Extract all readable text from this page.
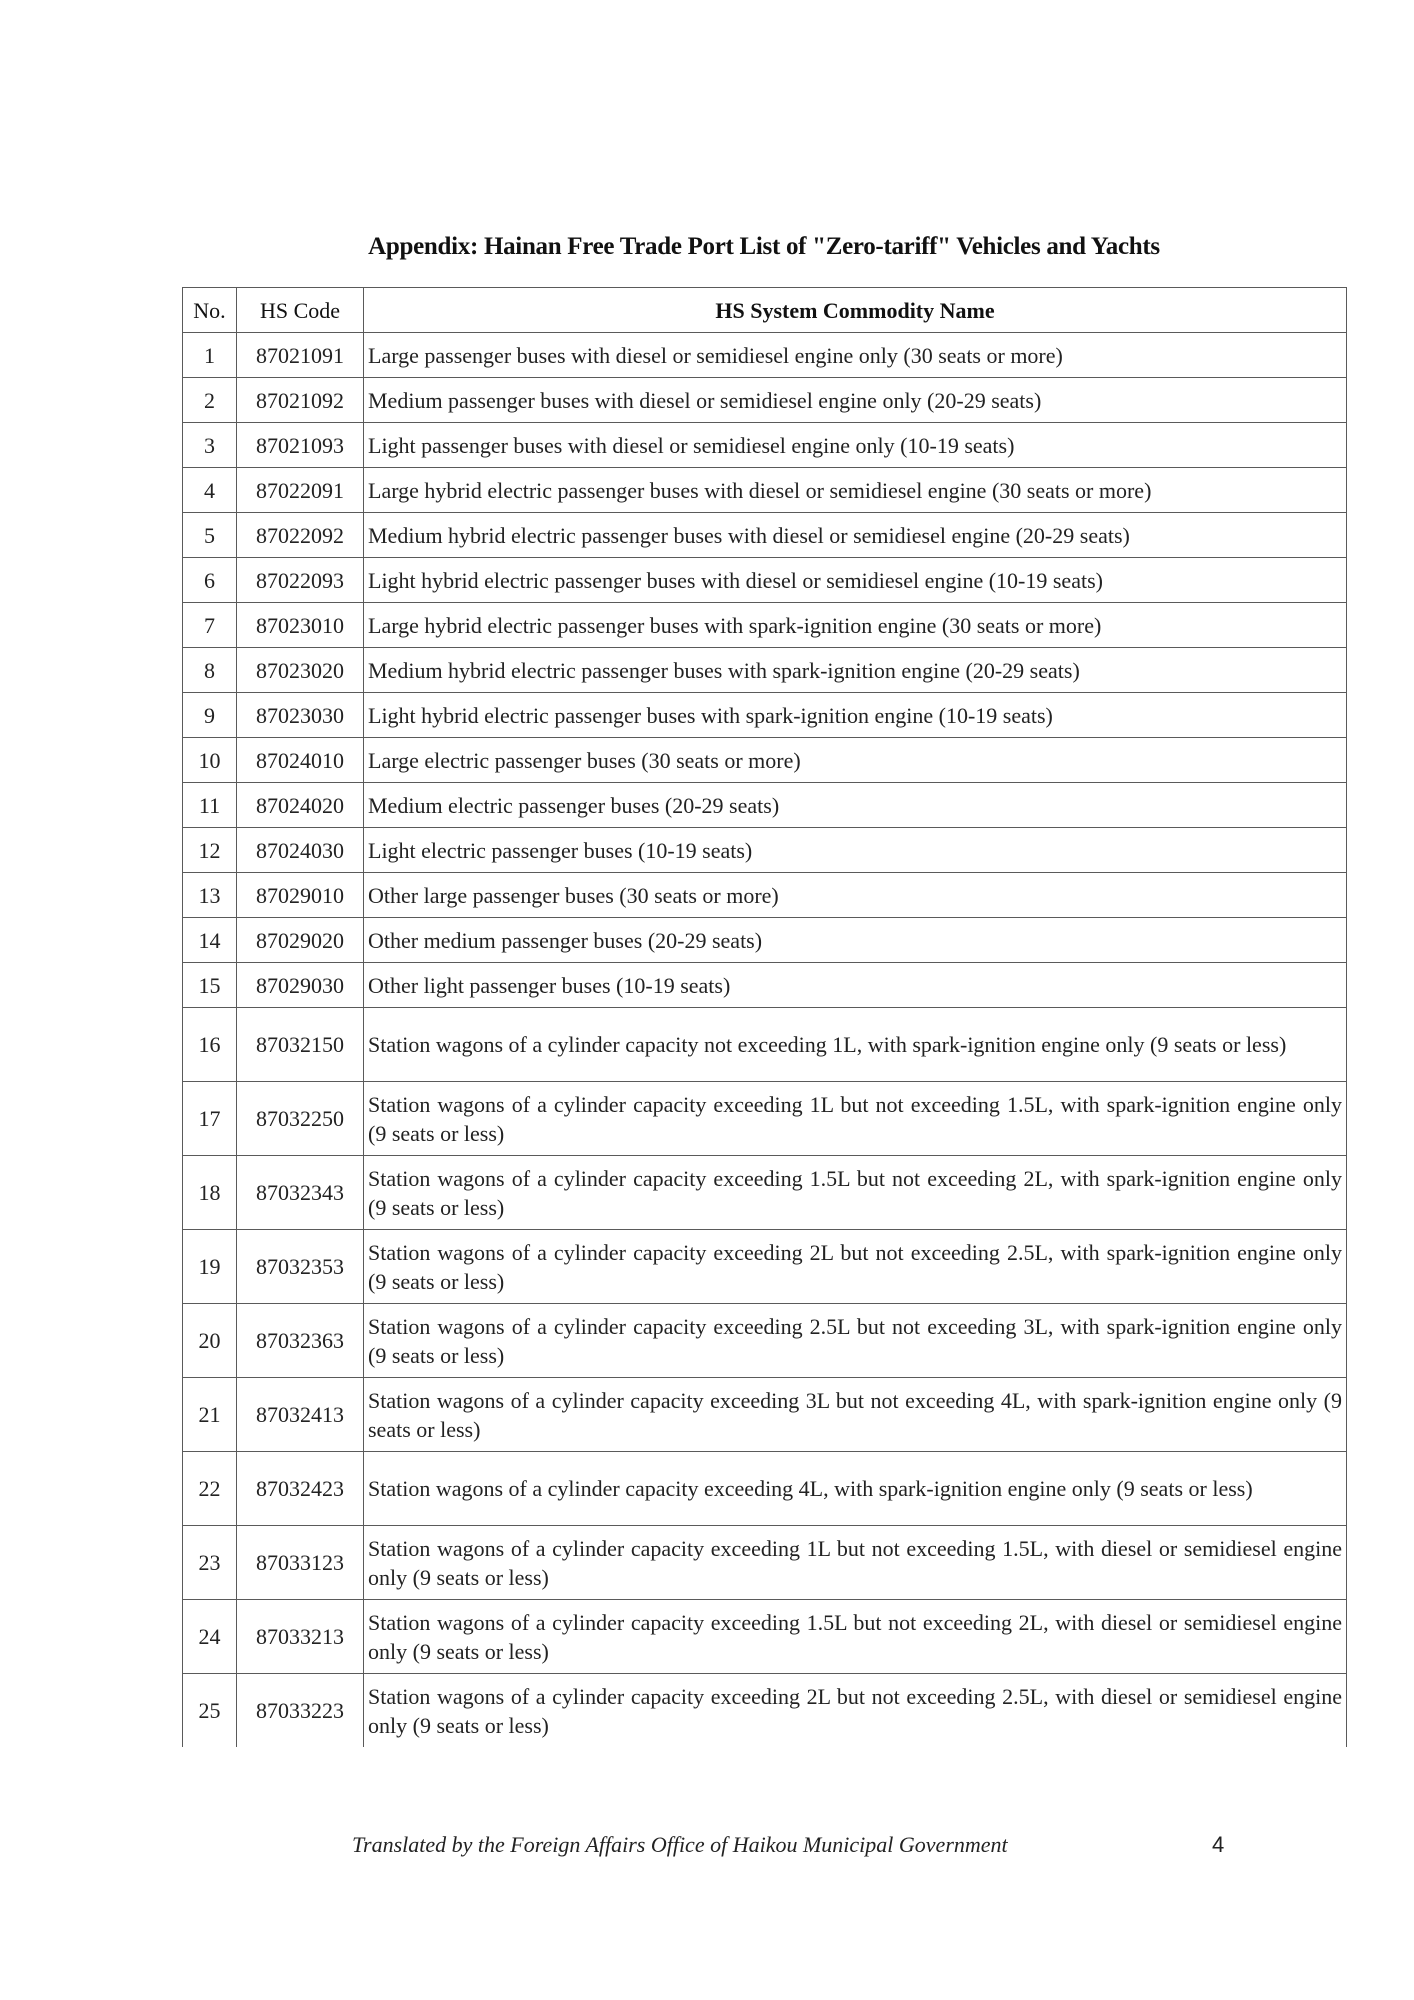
Appendix: Hainan Free Trade Port List of "Zero-tariff" Vehicles and Yachts
No.	HS Code	HS System Commodity Name
1	87021091	Large passenger buses with diesel or semidiesel engine only (30 seats or more)
2	87021092	Medium passenger buses with diesel or semidiesel engine only (20-29 seats)
3	87021093	Light passenger buses with diesel or semidiesel engine only (10-19 seats)
4	87022091	Large hybrid electric passenger buses with diesel or semidiesel engine (30 seats or more)
5	87022092	Medium hybrid electric passenger buses with diesel or semidiesel engine (20-29 seats)
6	87022093	Light hybrid electric passenger buses with diesel or semidiesel engine (10-19 seats)
7	87023010	Large hybrid electric passenger buses with spark-ignition engine (30 seats or more)
8	87023020	Medium hybrid electric passenger buses with spark-ignition engine (20-29 seats)
9	87023030	Light hybrid electric passenger buses with spark-ignition engine (10-19 seats)
10	87024010	Large electric passenger buses (30 seats or more)
11	87024020	Medium electric passenger buses (20-29 seats)
12	87024030	Light electric passenger buses (10-19 seats)
13	87029010	Other large passenger buses (30 seats or more)
14	87029020	Other medium passenger buses (20-29 seats)
15	87029030	Other light passenger buses (10-19 seats)
16	87032150	Station wagons of a cylinder capacity not exceeding 1L, with spark-ignition engine only (9 seats or less)
17	87032250	Station wagons of a cylinder capacity exceeding 1L but not exceeding 1.5L, with spark-ignition engine only (9 seats or less)
18	87032343	Station wagons of a cylinder capacity exceeding 1.5L but not exceeding 2L, with spark-ignition engine only (9 seats or less)
19	87032353	Station wagons of a cylinder capacity exceeding 2L but not exceeding 2.5L, with spark-ignition engine only (9 seats or less)
20	87032363	Station wagons of a cylinder capacity exceeding 2.5L but not exceeding 3L, with spark-ignition engine only (9 seats or less)
21	87032413	Station wagons of a cylinder capacity exceeding 3L but not exceeding 4L, with spark-ignition engine only (9 seats or less)
22	87032423	Station wagons of a cylinder capacity exceeding 4L, with spark-ignition engine only (9 seats or less)
23	87033123	Station wagons of a cylinder capacity exceeding 1L but not exceeding 1.5L, with diesel or semidiesel engine only (9 seats or less)
24	87033213	Station wagons of a cylinder capacity exceeding 1.5L but not exceeding 2L, with diesel or semidiesel engine only (9 seats or less)
25	87033223	Station wagons of a cylinder capacity exceeding 2L but not exceeding 2.5L, with diesel or semidiesel engine only (9 seats or less)
Translated by the Foreign Affairs Office of Haikou Municipal Government	4
